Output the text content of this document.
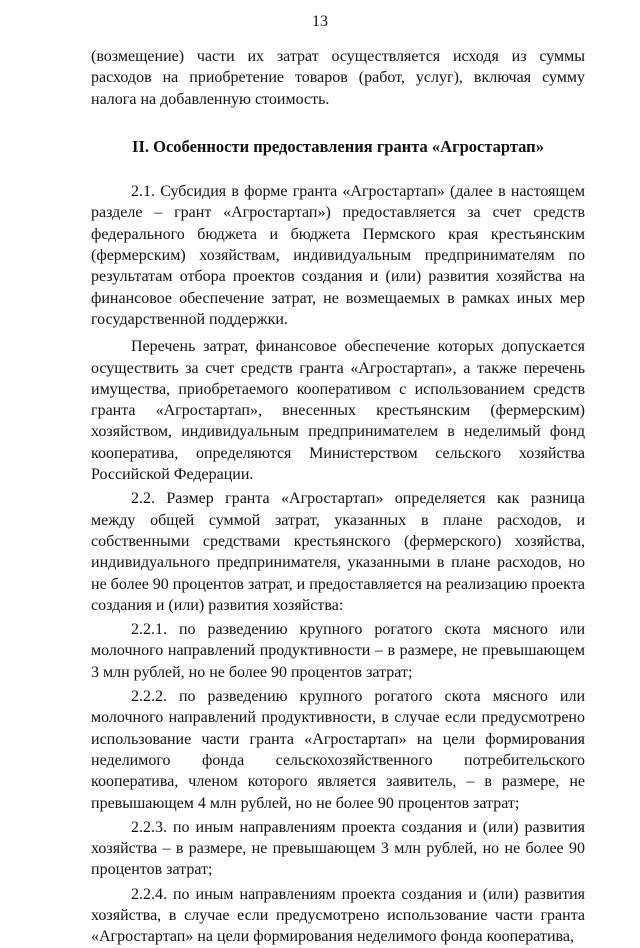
13

(возмещение) части их затрат осуществляется исходя из суммы расходов на приобретение товаров (работ, услуг), включая сумму налога на добавленную стоимость.

II. Особенности предоставления гранта «Агростартап»

2.1. Субсидия в форме гранта «Агростартап» (далее в настоящем разделе – грант «Агростартап») предоставляется за счет средств федерального бюджета и бюджета Пермского края крестьянским (фермерским) хозяйствам, индивидуальным предпринимателям по результатам отбора проектов создания и (или) развития хозяйства на финансовое обеспечение затрат, не возмещаемых в рамках иных мер государственной поддержки.

Перечень затрат, финансовое обеспечение которых допускается осуществить за счет средств гранта «Агростартап», а также перечень имущества, приобретаемого кооперативом с использованием средств гранта «Агростартап», внесенных крестьянским (фермерским) хозяйством, индивидуальным предпринимателем в неделимый фонд кооператива, определяются Министерством сельского хозяйства Российской Федерации.

2.2. Размер гранта «Агростартап» определяется как разница между общей суммой затрат, указанных в плане расходов, и собственными средствами крестьянского (фермерского) хозяйства, индивидуального предпринимателя, указанными в плане расходов, но не более 90 процентов затрат, и предоставляется на реализацию проекта создания и (или) развития хозяйства:

2.2.1. по разведению крупного рогатого скота мясного или молочного направлений продуктивности – в размере, не превышающем 3 млн рублей, но не более 90 процентов затрат;

2.2.2. по разведению крупного рогатого скота мясного или молочного направлений продуктивности, в случае если предусмотрено использование части гранта «Агростартап» на цели формирования неделимого фонда сельскохозяйственного потребительского кооператива, членом которого является заявитель, – в размере, не превышающем 4 млн рублей, но не более 90 процентов затрат;

2.2.3. по иным направлениям проекта создания и (или) развития хозяйства – в размере, не превышающем 3 млн рублей, но не более 90 процентов затрат;

2.2.4. по иным направлениям проекта создания и (или) развития хозяйства, в случае если предусмотрено использование части гранта «Агростартап» на цели формирования неделимого фонда кооператива,
